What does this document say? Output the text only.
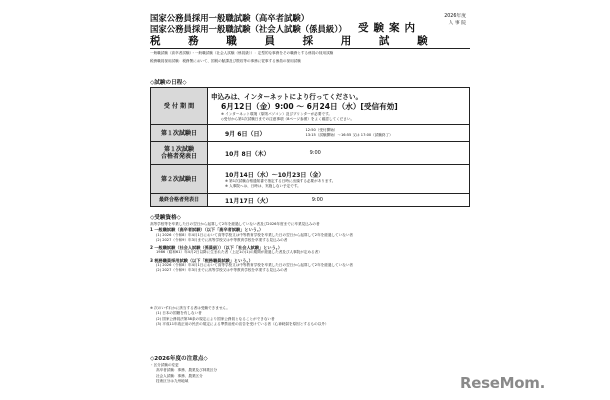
国家公務員採用一般職試験（高卒者試験）
国家公務員採用一般職試験（社会人試験（係員級））
税 務 職 員 採 用 試 験
受験案内
2026年度
人 事 院
一般職試験（高卒者試験）・一般職試験（社会人試験（係員級））：定型的な事務をその職務とする係員の採用試験
税務職員採用試験：税務署において、国税の賦課及び徴収等の事務に従事する係員の採用試験
◇試験の日程◇
受 付 期 間	申込みは、インターネットにより行ってください。
6月12日（金）9:00 〜 6月24日（水）[受信有効]
※ インターネット環境（原則パソコン）及びプリンターが必要です。
◇受付から第1次試験日までの注意事項（8ページ参照）をよく確認してください。

第１次試験日	9月 6日（日）
12:50（受付開始）
13:15（試験開始）〜16:55 又は 17:00（試験終了）

第１次試験
合格者発表日	10月 8日（木） 9:00

第２次試験日	10月14日（水）〜10月23日（金）
※ 第1次試験合格通知書で指定する日時に出頭する必要があります。
※ 人事院へは、日時は、実施しない予定です。

最終合格者発表日	11月17日（火） 9:00
◇受験資格◇
高等学校等を卒業した日の翌日から起算して2年を経過していない者及び2026年度までに卒業見込みの者
1 一般職試験（高卒者試験）（以下「高卒者試験」という。）
(1) 2026（令和8）年4月1日において高等学校又は中等教育学校を卒業した日の翌日から起算して2年を経過していない者
(2) 2027（令和9）年3月までに高等学校又は中等教育学校を卒業する見込みの者
2 一般職試験（社会人試験（係員級））（以下「社会人試験」という。）
1986（昭和61）年4月2日以降に生まれた者（上記1の(1)の期間が経過した者及び人事院が定める者）
3 税務職員採用試験（以下「税務職員試験」という。）
(1) 2026（令和8）年4月1日において高等学校又は中等教育学校を卒業した日の翌日から起算して2年を経過していない者
(2) 2027（令和9）年3月までに高等学校又は中等教育学校を卒業する見込みの者
※ 次のいずれかに該当する者は受験できません。
(1) 日本の国籍を有しない者
(2) 国家公務員法第38条の規定により国家公務員となることができない者
(3) 平成11年改正前の民法の規定による準禁治産の宣告を受けている者（心神耗弱を原因とするもの以外）
◇2026年度の注意点◇
・区分試験の変更
高卒者試験：事務、農業及び林業区分
社会人試験：事務、農業区分
技術区分は九州地域	ReseMom.
